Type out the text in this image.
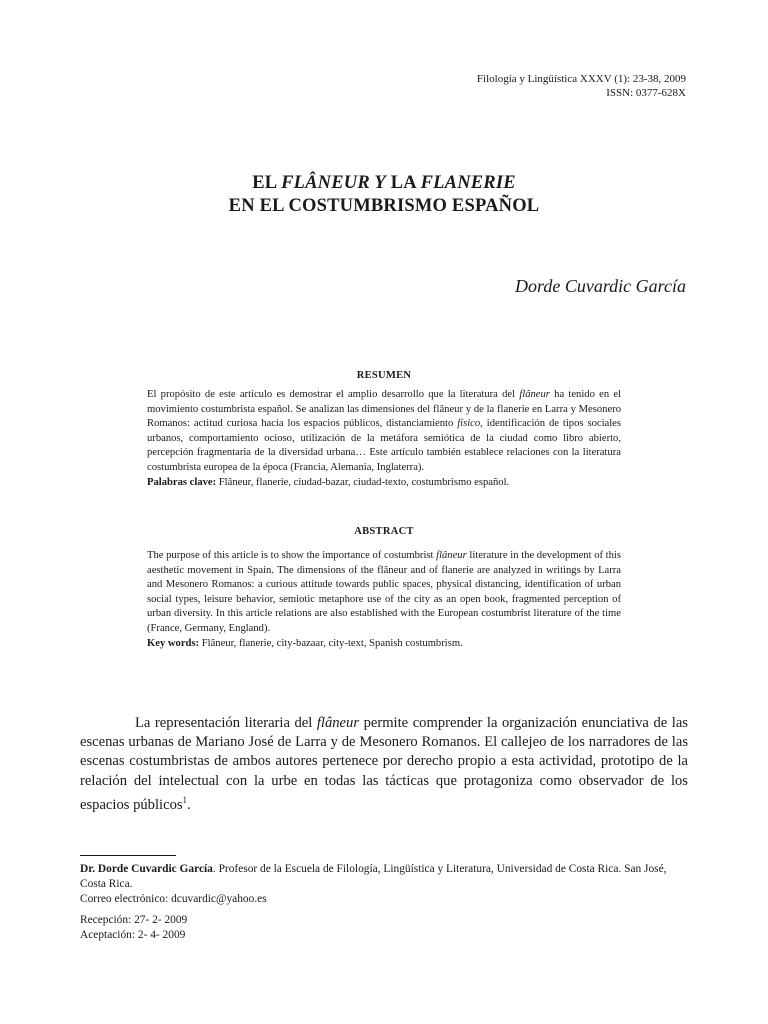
Filología y Lingüística XXXV (1): 23-38, 2009
ISSN: 0377-628X
EL FLÂNEUR Y LA FLANERIE
EN EL COSTUMBRISMO ESPAÑOL
Dorde Cuvardic García
RESUMEN

El propósito de este artículo es demostrar el amplio desarrollo que la literatura del flâneur ha tenido en el movimiento costumbrista español. Se analizan las dimensiones del flâneur y de la flanerie en Larra y Mesonero Romanos: actitud curiosa hacia los espacios públicos, distanciamiento físico, identificación de tipos sociales urbanos, comportamiento ocioso, utilización de la metáfora semiótica de la ciudad como libro abierto, percepción fragmentaria de la diversidad urbana… Este artículo también establece relaciones con la literatura costumbrista europea de la época (Francia, Alemania, Inglaterra).

Palabras clave: Flâneur, flanerie, ciudad-bazar, ciudad-texto, costumbrismo español.

ABSTRACT

The purpose of this article is to show the importance of costumbrist flâneur literature in the development of this aesthetic movement in Spain. The dimensions of the flâneur and of flanerie are analyzed in writings by Larra and Mesonero Romanos: a curious attitude towards public spaces, physical distancing, identification of urban social types, leisure behavior, semiotic metaphore use of the city as an open book, fragmented perception of urban diversity. In this article relations are also established with the European costumbrist literature of the time (France, Germany, England).

Key words: Flâneur, flanerie, city-bazaar, city-text, Spanish costumbrism.

La representación literaria del flâneur permite comprender la organización enunciativa de las escenas urbanas de Mariano José de Larra y de Mesonero Romanos. El callejeo de los narradores de las escenas costumbristas de ambos autores pertenece por derecho propio a esta actividad, prototipo de la relación del intelectual con la urbe en todas las tácticas que protagoniza como observador de los espacios públicos$^1$.

Dr. Dorde Cuvardic García. Profesor de la Escuela de Filología, Lingüística y Literatura, Universidad de Costa Rica. San José, Costa Rica.

Correo electrónico: dcuvardic@yahoo.es

Recepción: 27- 2- 2009

Aceptación: 2- 4- 2009
